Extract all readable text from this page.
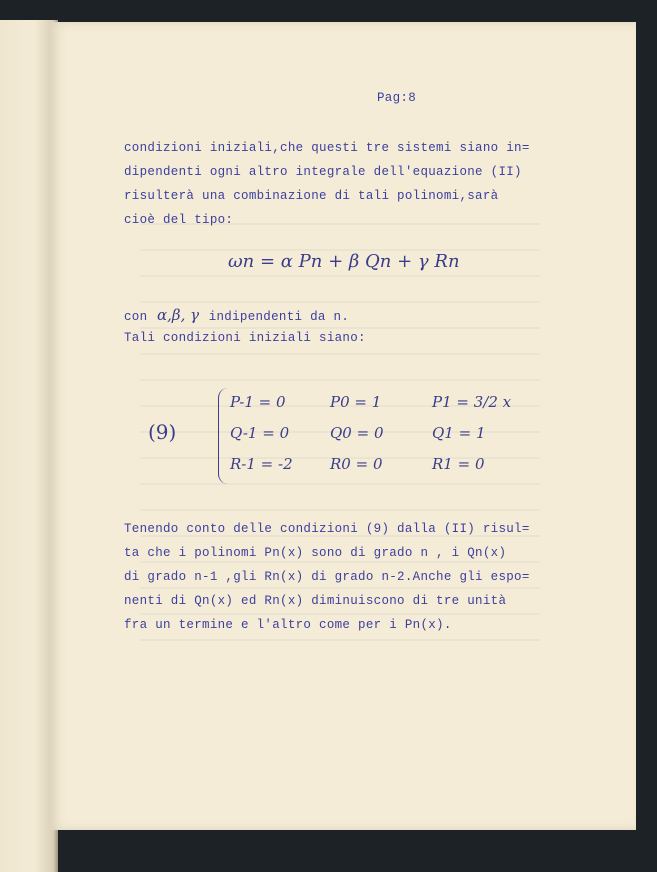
Pag:8
condizioni iniziali,che questi tre sistemi siano in=
dipendenti ogni altro integrale dell'equazione (II)
risulterà una combinazione di tali polinomi,sarà
cioè del tipo:
ωn = α Pn + β Qn + γ Rn
con α,β, γ indipendenti da n.
Tali condizioni iniziali siano:
(9)
P-1 = 0	P0 = 1	P1 = 3/2 x
Q-1 = 0	Q0 = 0	Q1 = 1
R-1 = -2 R0 = 0	R1 = 0
Tenendo conto delle condizioni (9) dalla (II) risul=
ta che i polinomi Pn(x) sono di grado n , i Qn(x)
di grado n-1 ,gli Rn(x) di grado n-2.Anche gli espo=
nenti di Qn(x) ed Rn(x) diminuiscono di tre unità
fra un termine e l'altro come per i Pn(x).
